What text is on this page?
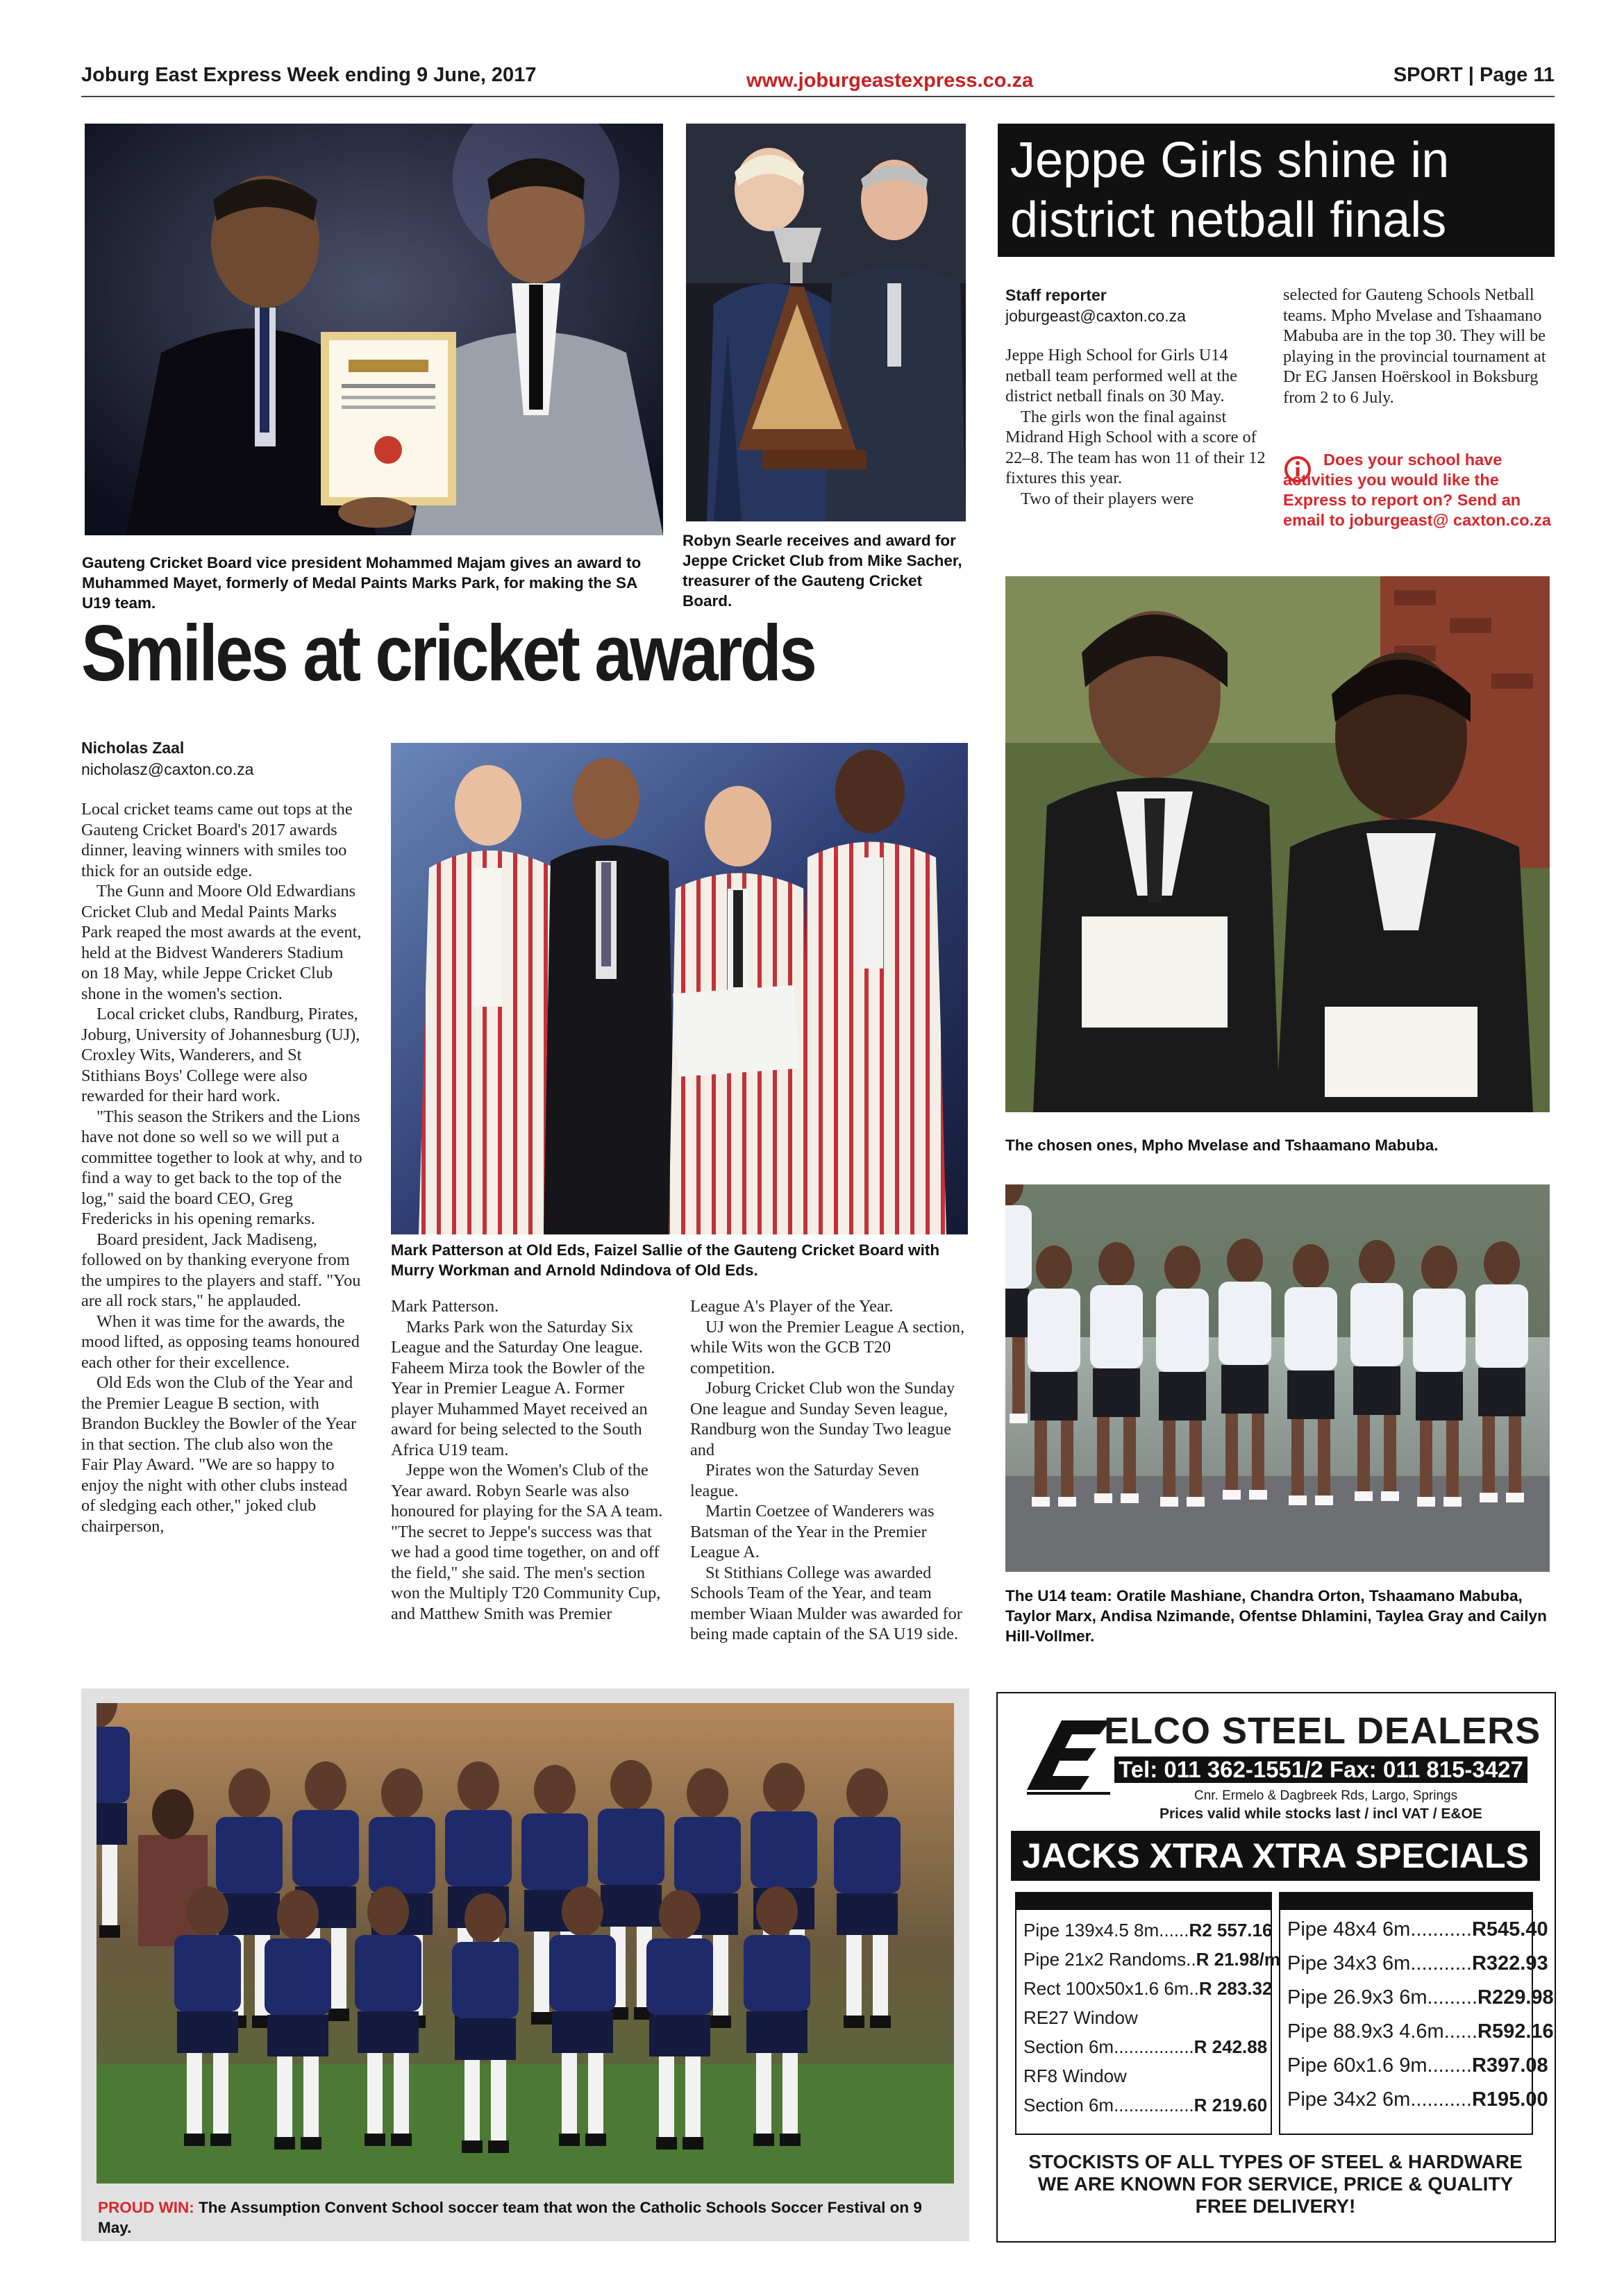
Joburg East Express Week ending 9 June, 2017	www.joburgeastexpress.co.za	SPORT | Page 11
Gauteng Cricket Board vice president Mohammed Majam gives an award to Muhammed Mayet, formerly of Medal Paints Marks Park, for making the SA U19 team.
Robyn Searle receives and award for Jeppe Cricket Club from Mike Sacher, treasurer of the Gauteng Cricket Board.
Smiles at cricket awards
Nicholas Zaal
nicholasz@caxton.co.za

Local cricket teams came out tops at the Gauteng Cricket Board's 2017 awards dinner, leaving winners with smiles too thick for an outside edge.

The Gunn and Moore Old Edwardians Cricket Club and Medal Paints Marks Park reaped the most awards at the event, held at the Bidvest Wanderers Stadium on 18 May, while Jeppe Cricket Club shone in the women's section.

Local cricket clubs, Randburg, Pirates, Joburg, University of Johannesburg (UJ), Croxley Wits, Wanderers, and St Stithians Boys' College were also rewarded for their hard work.

"This season the Strikers and the Lions have not done so well so we will put a committee together to look at why, and to find a way to get back to the top of the log," said the board CEO, Greg Fredericks in his opening remarks.

Board president, Jack Madiseng, followed on by thanking everyone from the umpires to the players and staff. "You are all rock stars," he applauded.

When it was time for the awards, the mood lifted, as opposing teams honoured each other for their excellence.

Old Eds won the Club of the Year and the Premier League B section, with Brandon Buckley the Bowler of the Year in that section. The club also won the Fair Play Award. "We are so happy to enjoy the night with other clubs instead of sledging each other," joked club chairperson,

Mark Patterson at Old Eds, Faizel Sallie of the Gauteng Cricket Board with Murry Workman and Arnold Ndindova of Old Eds.

Mark Patterson.

Marks Park won the Saturday Six League and the Saturday One league. Faheem Mirza took the Bowler of the Year in Premier League A. Former player Muhammed Mayet received an award for being selected to the South Africa U19 team.

Jeppe won the Women's Club of the Year award. Robyn Searle was also honoured for playing for the SA A team. "The secret to Jeppe's success was that we had a good time together, on and off the field," she said. The men's section won the Multiply T20 Community Cup, and Matthew Smith was Premier

League A's Player of the Year.

UJ won the Premier League A section, while Wits won the GCB T20 competition.

Joburg Cricket Club won the Sunday One league and Sunday Seven league, Randburg won the Sunday Two league and

Pirates won the Saturday Seven league.

Martin Coetzee of Wanderers was Batsman of the Year in the Premier League A.

St Stithians College was awarded Schools Team of the Year, and team member Wiaan Mulder was awarded for being made captain of the SA U19 side.

Jeppe Girls shine in district netball finals
Staff reporter
joburgeast@caxton.co.za

Jeppe High School for Girls U14 netball team performed well at the district netball finals on 30 May.

The girls won the final against Midrand High School with a score of 22–8. The team has won 11 of their 12 fixtures this year.

Two of their players were

selected for Gauteng Schools Netball teams. Mpho Mvelase and Tshaamano Mabuba are in the top 30. They will be playing in the provincial tournament at Dr EG Jansen Hoërskool in Boksburg from 2 to 6 July.

Does your school have activities you would like the Express to report on? Send an email to joburgeast@ caxton.co.za
The chosen ones, Mpho Mvelase and Tshaamano Mabuba.
The U14 team: Oratile Mashiane, Chandra Orton, Tshaamano Mabuba, Taylor Marx, Andisa Nzimande, Ofentse Dhlamini, Taylea Gray and Cailyn Hill-Vollmer.
PROUD WIN: The Assumption Convent School soccer team that won the Catholic Schools Soccer Festival on 9 May.
ELCO STEEL DEALERS
Tel: 011 362-1551/2 Fax: 011 815-3427
Cnr. Ermelo & Dagbreek Rds, Largo, Springs
Prices valid while stocks last / incl VAT / E&OE
JACKS XTRA XTRA SPECIALS
Pipe 139x4.5 8m......R2 557.16
Pipe 21x2 Randoms..R 21.98/m
Rect 100x50x1.6 6m..R 283.32
RE27 Window
Section 6m................R 242.88
RF8 Window
Section 6m................R 219.60
Pipe 48x4 6m...........R545.40
Pipe 34x3 6m...........R322.93
Pipe 26.9x3 6m.........R229.98
Pipe 88.9x3 4.6m......R592.16
Pipe 60x1.6 9m........R397.08
Pipe 34x2 6m...........R195.00
STOCKISTS OF ALL TYPES OF STEEL & HARDWARE WE ARE KNOWN FOR SERVICE, PRICE & QUALITY FREE DELIVERY!
